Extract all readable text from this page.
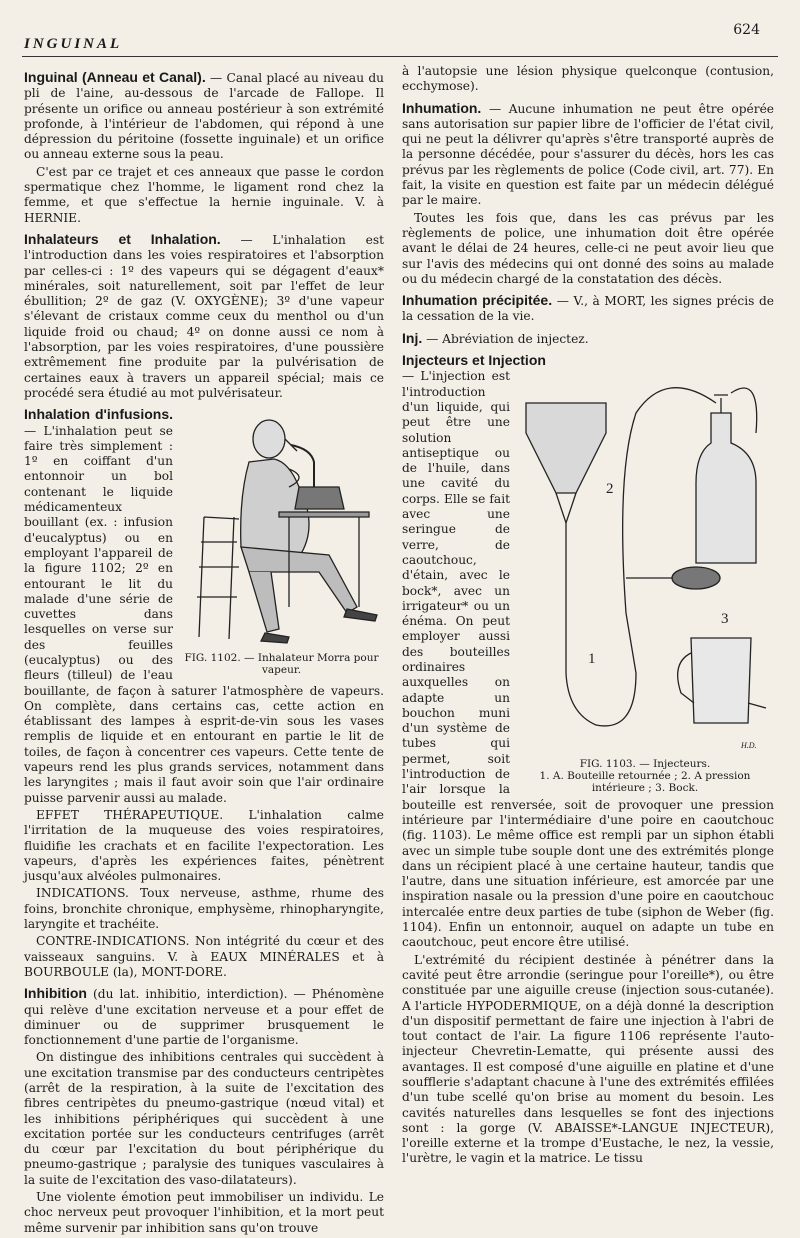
INGUINAL
624

Inguinal (Anneau et Canal). — Canal placé au niveau du pli de l'aine, au-dessous de l'arcade de Fallope. Il présente un orifice ou anneau postérieur à son extrémité profonde, à l'intérieur de l'abdomen, qui répond à une dépression du péritoine (fossette inguinale) et un orifice ou anneau externe sous la peau.

C'est par ce trajet et ces anneaux que passe le cordon spermatique chez l'homme, le ligament rond chez la femme, et que s'effectue la hernie inguinale. V. à HERNIE.

Inhalateurs et Inhalation. — L'inhalation est l'introduction dans les voies respiratoires et l'absorption par celles-ci : 1º des vapeurs qui se dégagent d'eaux* minérales, soit naturellement, soit par l'effet de leur ébullition; 2º de gaz (V. OXYGÈNE); 3º d'une vapeur s'élevant de cristaux comme ceux du menthol ou d'un liquide froid ou chaud; 4º on donne aussi ce nom à l'absorption, par les voies respiratoires, d'une poussière extrêmement fine produite par la pulvérisation de certaines eaux à travers un appareil spécial; mais ce procédé sera étudié au mot pulvérisateur.

FIG. 1102. — Inhalateur Morra pour vapeur.

Inhalation d'infusions. — L'inhalation peut se faire très simplement : 1º en coiffant d'un entonnoir un bol contenant le liquide médicamenteux bouillant (ex. : infusion d'eucalyptus) ou en employant l'appareil de la figure 1102; 2º en entourant le lit du malade d'une série de cuvettes dans lesquelles on verse sur des feuilles (eucalyptus) ou des fleurs (tilleul) de l'eau bouillante, de façon à saturer l'atmosphère de vapeurs. On complète, dans certains cas, cette action en établissant des lampes à esprit-de-vin sous les vases remplis de liquide et en entourant en partie le lit de toiles, de façon à concentrer ces vapeurs. Cette tente de vapeurs rend les plus grands services, notamment dans les laryngites ; mais il faut avoir soin que l'air ordinaire puisse parvenir aussi au malade.

EFFET THÉRAPEUTIQUE. L'inhalation calme l'irritation de la muqueuse des voies respiratoires, fluidifie les crachats et en facilite l'expectoration. Les vapeurs, d'après les expériences faites, pénètrent jusqu'aux alvéoles pulmonaires.

INDICATIONS. Toux nerveuse, asthme, rhume des foins, bronchite chronique, emphysème, rhinopharyngite, laryngite et trachéite.

CONTRE-INDICATIONS. Non intégrité du cœur et des vaisseaux sanguins. V. à EAUX MINÉRALES et à BOURBOULE (la), MONT-DORE.

Inhibition (du lat. inhibitio, interdiction). — Phénomène qui relève d'une excitation nerveuse et a pour effet de diminuer ou de supprimer brusquement le fonctionnement d'une partie de l'organisme.

On distingue des inhibitions centrales qui succèdent à une excitation transmise par des conducteurs centripètes (arrêt de la respiration, à la suite de l'excitation des fibres centripètes du pneumo-gastrique (nœud vital) et les inhibitions périphériques qui succèdent à une excitation portée sur les conducteurs centrifuges (arrêt du cœur par l'excitation du bout périphérique du pneumo-gastrique ; paralysie des tuniques vasculaires à la suite de l'excitation des vaso-dilatateurs).

Une violente émotion peut immobiliser un individu. Le choc nerveux peut provoquer l'inhibition, et la mort peut même survenir par inhibition sans qu'on trouve

à l'autopsie une lésion physique quelconque (contusion, ecchymose).

Inhumation. — Aucune inhumation ne peut être opérée sans autorisation sur papier libre de l'officier de l'état civil, qui ne peut la délivrer qu'après s'être transporté auprès de la personne décédée, pour s'assurer du décès, hors les cas prévus par les règlements de police (Code civil, art. 77). En fait, la visite en question est faite par un médecin délégué par le maire.

Toutes les fois que, dans les cas prévus par les règlements de police, une inhumation doit être opérée avant le délai de 24 heures, celle-ci ne peut avoir lieu que sur l'avis des médecins qui ont donné des soins au malade ou du médecin chargé de la constatation des décès.

Inhumation précipitée. — V., à MORT, les signes précis de la cessation de la vie.

Inj. — Abréviation de injectez.

Injecteurs et Injection

2
1
3
H.D.
FIG. 1103. — Injecteurs.
1. A. Bouteille retournée ; 2. A pression intérieure ; 3. Bock.

— L'injection est l'introduction d'un liquide, qui peut être une solution antiseptique ou de l'huile, dans une cavité du corps. Elle se fait avec une seringue de verre, de caoutchouc, d'étain, avec le bock*, avec un irrigateur* ou un énéma. On peut employer aussi des bouteilles ordinaires auxquelles on adapte un bouchon muni d'un système de tubes qui permet, soit l'introduction de l'air lorsque la bouteille est renversée, soit de provoquer une pression intérieure par l'intermédiaire d'une poire en caoutchouc (fig. 1103). Le même office est rempli par un siphon établi avec un simple tube souple dont une des extrémités plonge dans un récipient placé à une certaine hauteur, tandis que l'autre, dans une situation inférieure, est amorcée par une inspiration nasale ou la pression d'une poire en caoutchouc intercalée entre deux parties de tube (siphon de Weber (fig. 1104). Enfin un entonnoir, auquel on adapte un tube en caoutchouc, peut encore être utilisé.

L'extrémité du récipient destinée à pénétrer dans la cavité peut être arrondie (seringue pour l'oreille*), ou être constituée par une aiguille creuse (injection sous-cutanée). A l'article HYPODERMIQUE, on a déjà donné la description d'un dispositif permettant de faire une injection à l'abri de tout contact de l'air. La figure 1106 représente l'auto-injecteur Chevretin-Lematte, qui présente aussi des avantages. Il est composé d'une aiguille en platine et d'une soufflerie s'adaptant chacune à l'une des extrémités effilées d'un tube scellé qu'on brise au moment du besoin. Les cavités naturelles dans lesquelles se font des injections sont : la gorge (V. ABAISSE*-LANGUE INJECTEUR), l'oreille externe et la trompe d'Eustache, le nez, la vessie, l'urètre, le vagin et la matrice. Le tissu
